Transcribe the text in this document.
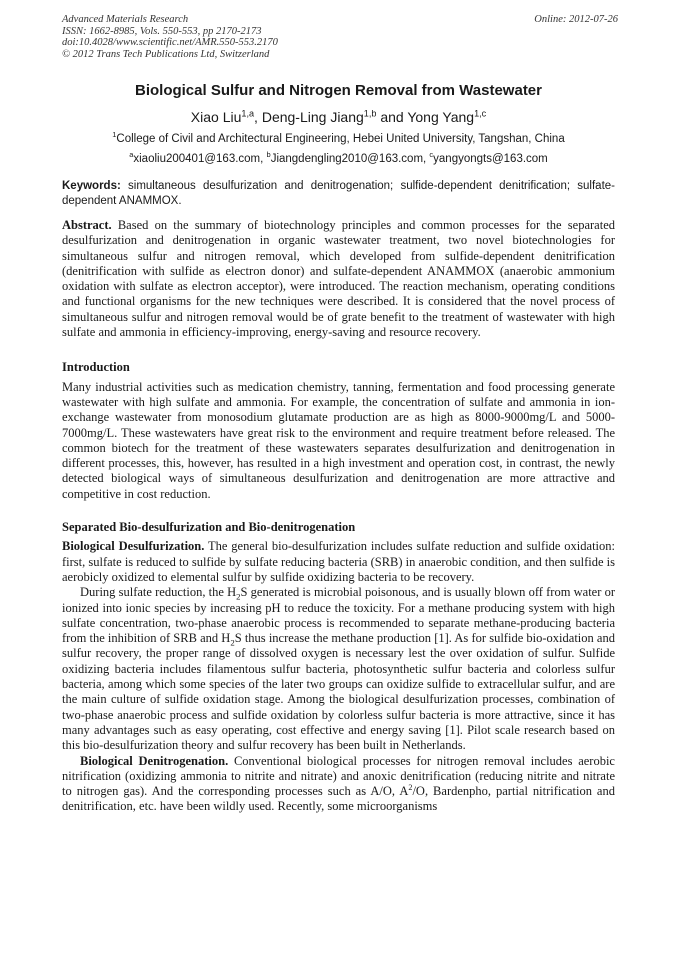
Advanced Materials Research
ISSN: 1662-8985, Vols. 550-553, pp 2170-2173
doi:10.4028/www.scientific.net/AMR.550-553.2170
© 2012 Trans Tech Publications Ltd, Switzerland
Online: 2012-07-26
Biological Sulfur and Nitrogen Removal from Wastewater
Xiao Liu$^{1,a}$, Deng-Ling Jiang$^{1,b}$ and Yong Yang$^{1,c}$
$^1$College of Civil and Architectural Engineering, Hebei United University, Tangshan, China
$^a$xiaoliu200401@163.com, $^b$Jiangdengling2010@163.com, $^c$yangyongts@163.com
Keywords: simultaneous desulfurization and denitrogenation; sulfide-dependent denitrification; sulfate-dependent ANAMMOX.

Abstract. Based on the summary of biotechnology principles and common processes for the separated desulfurization and denitrogenation in organic wastewater treatment, two novel biotechnologies for simultaneous sulfur and nitrogen removal, which developed from sulfide-dependent denitrification (denitrification with sulfide as electron donor) and sulfate-dependent ANAMMOX (anaerobic ammonium oxidation with sulfate as electron acceptor), were introduced. The reaction mechanism, operating conditions and functional organisms for the new techniques were described. It is considered that the novel process of simultaneous sulfur and nitrogen removal would be of grate benefit to the treatment of wastewater with high sulfate and ammonia in efficiency-improving, energy-saving and resource recovery.

Introduction

Many industrial activities such as medication chemistry, tanning, fermentation and food processing generate wastewater with high sulfate and ammonia. For example, the concentration of sulfate and ammonia in ion-exchange wastewater from monosodium glutamate production are as high as 8000-9000mg/L and 5000-7000mg/L. These wastewaters have great risk to the environment and require treatment before released. The common biotech for the treatment of these wastewaters separates desulfurization and denitrogenation in different processes, this, however, has resulted in a high investment and operation cost, in contrast, the newly detected biological ways of simultaneous desulfurization and denitrogenation are more attractive and competitive in cost reduction.

Separated Bio-desulfurization and Bio-denitrogenation

Biological Desulfurization. The general bio-desulfurization includes sulfate reduction and sulfide oxidation: first, sulfate is reduced to sulfide by sulfate reducing bacteria (SRB) in anaerobic condition, and then sulfide is aerobicly oxidized to elemental sulfur by sulfide oxidizing bacteria to be recovery.

During sulfate reduction, the $H_2S$ generated is microbial poisonous, and is usually blown off from water or ionized into ionic species by increasing pH to reduce the toxicity. For a methane producing system with high sulfate concentration, two-phase anaerobic process is recommended to separate methane-producing bacteria from the inhibition of SRB and $H_2S$ thus increase the methane production [1]. As for sulfide bio-oxidation and sulfur recovery, the proper range of dissolved oxygen is necessary lest the over oxidation of sulfur. Sulfide oxidizing bacteria includes filamentous sulfur bacteria, photosynthetic sulfur bacteria and colorless sulfur bacteria, among which some species of the later two groups can oxidize sulfide to extracellular sulfur, and are the main culture of sulfide oxidation stage. Among the biological desulfurization processes, combination of two-phase anaerobic process and sulfide oxidation by colorless sulfur bacteria is more attractive, since it has many advantages such as easy operating, cost effective and energy saving [1]. Pilot scale research based on this bio-desulfurization theory and sulfur recovery has been built in Netherlands.

Biological Denitrogenation. Conventional biological processes for nitrogen removal includes aerobic nitrification (oxidizing ammonia to nitrite and nitrate) and anoxic denitrification (reducing nitrite and nitrate to nitrogen gas). And the corresponding processes such as A/O, $A^2/O$, Bardenpho, partial nitrification and denitrification, etc. have been wildly used. Recently, some microorganisms
